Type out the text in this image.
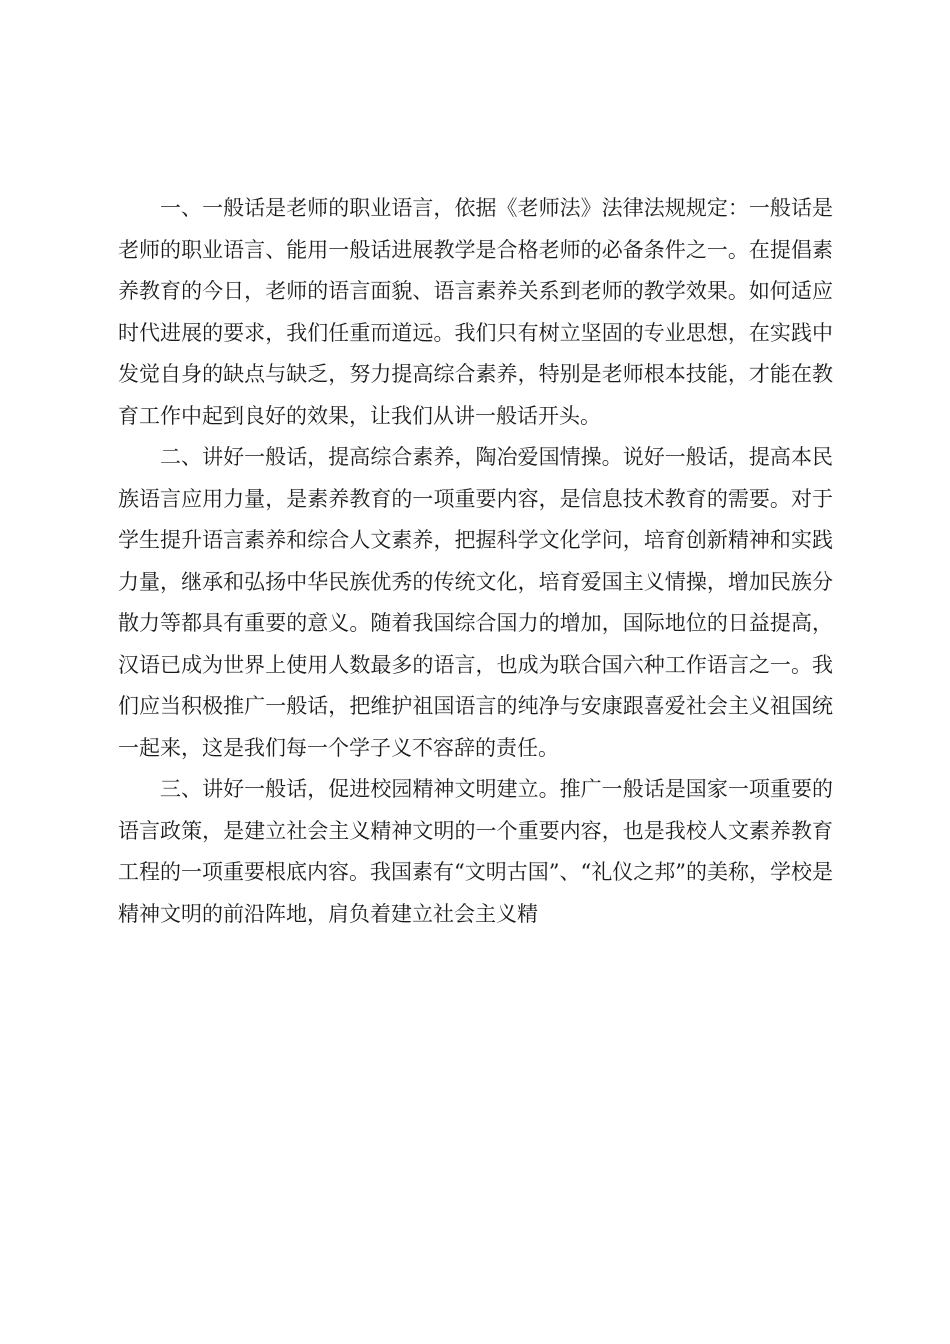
一、一般话是老师的职业语言，依据《老师法》法律法规规定：一般话是老师的职业语言、能用一般话进展教学是合格老师的必备条件之一。在提倡素养教育的今日，老师的语言面貌、语言素养关系到老师的教学效果。如何适应时代进展的要求，我们任重而道远。我们只有树立坚固的专业思想，在实践中发觉自身的缺点与缺乏，努力提高综合素养，特别是老师根本技能，才能在教育工作中起到良好的效果，让我们从讲一般话开头。

二、讲好一般话，提高综合素养，陶冶爱国情操。说好一般话，提高本民族语言应用力量，是素养教育的一项重要内容，是信息技术教育的需要。对于学生提升语言素养和综合人文素养，把握科学文化学问，培育创新精神和实践力量，继承和弘扬中华民族优秀的传统文化，培育爱国主义情操，增加民族分散力等都具有重要的意义。随着我国综合国力的增加，国际地位的日益提高，汉语已成为世界上使用人数最多的语言，也成为联合国六种工作语言之一。我们应当积极推广一般话，把维护祖国语言的纯净与安康跟喜爱社会主义祖国统一起来，这是我们每一个学子义不容辞的责任。

三、讲好一般话，促进校园精神文明建立。推广一般话是国家一项重要的语言政策，是建立社会主义精神文明的一个重要内容，也是我校人文素养教育工程的一项重要根底内容。我国素有“文明古国”、“礼仪之邦”的美称，学校是精神文明的前沿阵地，肩负着建立社会主义精
